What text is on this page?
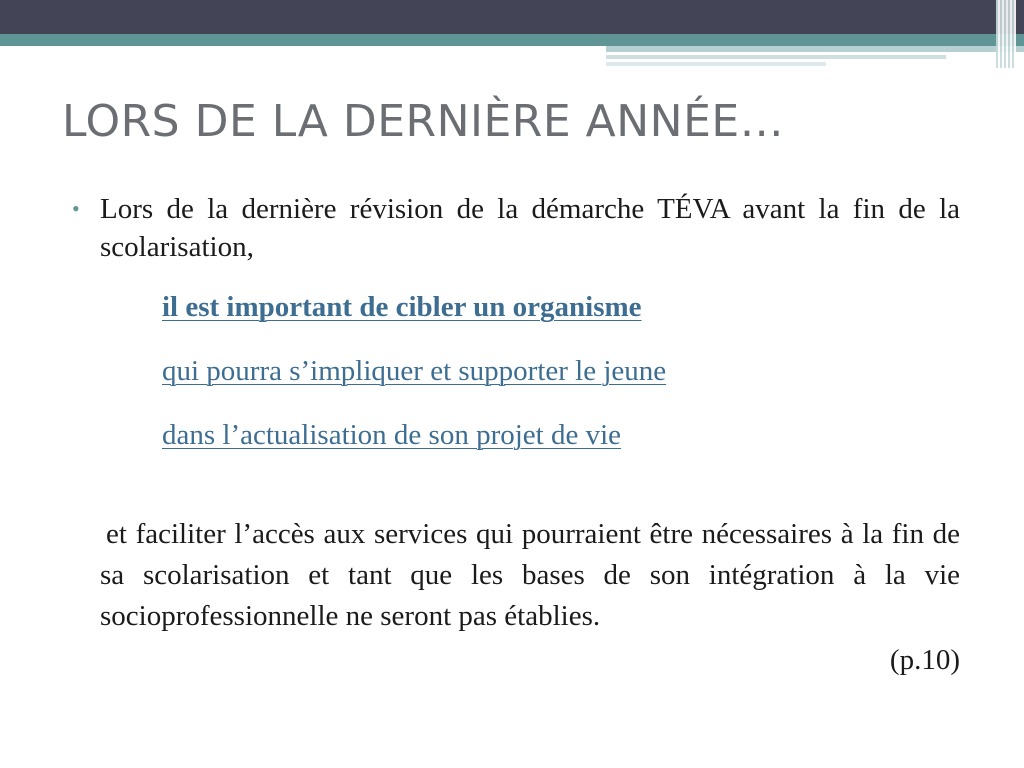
LORS DE LA DERNIÈRE ANNÉE…
• Lors de la dernière révision de la démarche TÉVA avant la fin de la scolarisation,
il est important de cibler un organisme
qui pourra s’impliquer et supporter le jeune
dans l’actualisation de son projet de vie
et faciliter l’accès aux services qui pourraient être nécessaires à la fin de sa scolarisation et tant que les bases de son intégration à la vie socioprofessionnelle ne seront pas établies.
(p.10)
